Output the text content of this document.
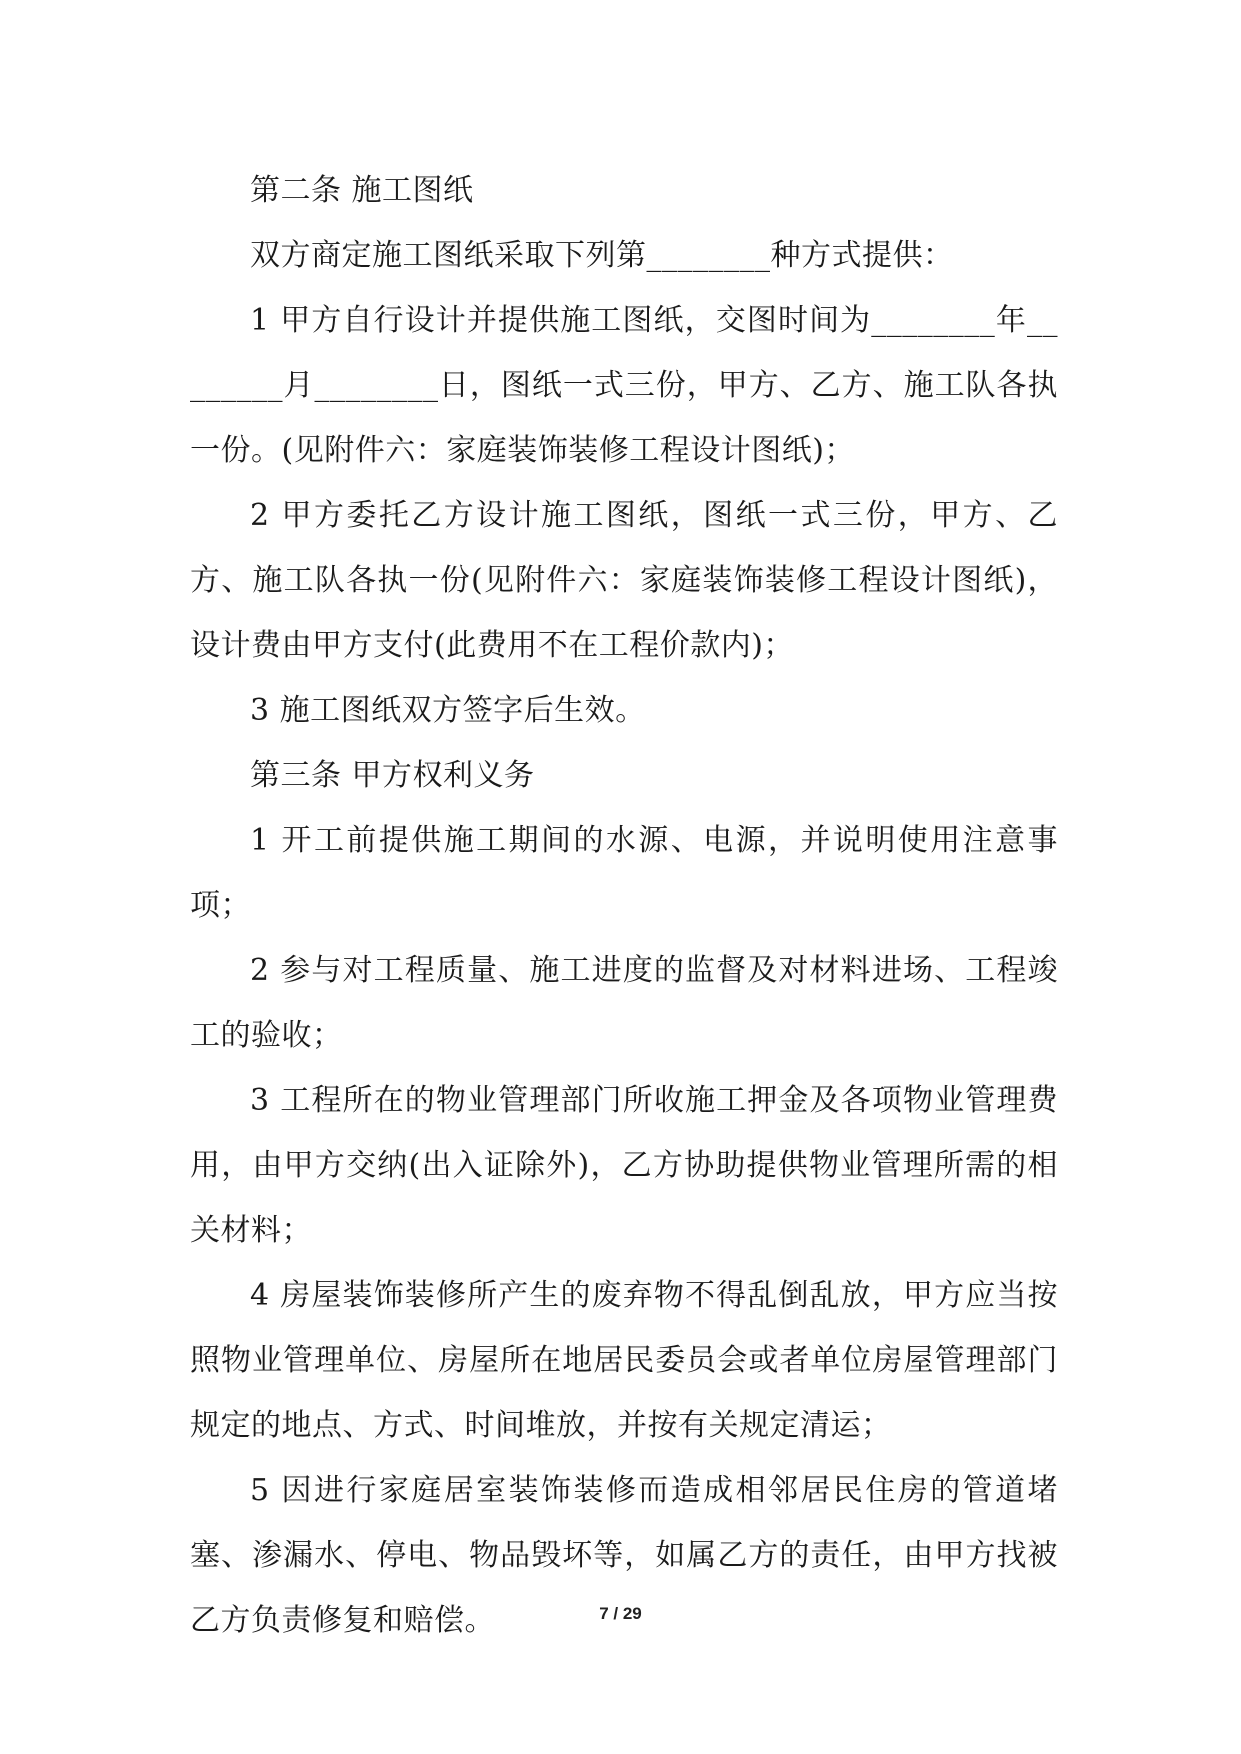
第二条 施工图纸

双方商定施工图纸采取下列第________种方式提供：

1 甲方自行设计并提供施工图纸，交图时间为________年________月________日，图纸一式三份，甲方、乙方、施工队各执一份。(见附件六：家庭装饰装修工程设计图纸)；

2 甲方委托乙方设计施工图纸，图纸一式三份，甲方、乙方、施工队各执一份(见附件六：家庭装饰装修工程设计图纸)，设计费由甲方支付(此费用不在工程价款内)；

3 施工图纸双方签字后生效。

第三条 甲方权利义务

1 开工前提供施工期间的水源、电源，并说明使用注意事项；

2 参与对工程质量、施工进度的监督及对材料进场、工程竣工的验收；

3 工程所在的物业管理部门所收施工押金及各项物业管理费用，由甲方交纳(出入证除外)，乙方协助提供物业管理所需的相关材料；

4 房屋装饰装修所产生的废弃物不得乱倒乱放，甲方应当按照物业管理单位、房屋所在地居民委员会或者单位房屋管理部门规定的地点、方式、时间堆放，并按有关规定清运；

5 因进行家庭居室装饰装修而造成相邻居民住房的管道堵塞、渗漏水、停电、物品毁坏等，如属乙方的责任，由甲方找被乙方负责修复和赔偿。	7 / 29
